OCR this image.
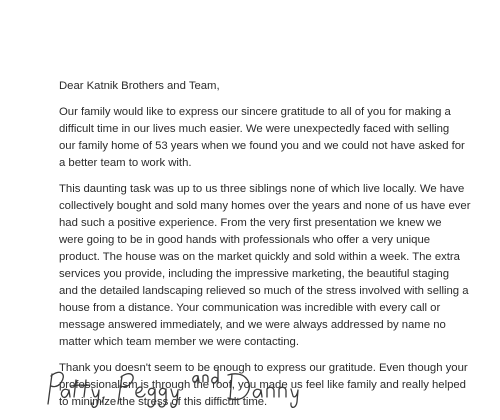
Dear Katnik Brothers and Team,
Our family would like to express our sincere gratitude to all of you for making a
difficult time in our lives much easier. We were unexpectedly faced with selling
our family home of 53 years when we found you and we could not have asked for
a better team to work with.
This daunting task was up to us three siblings none of which live locally. We have
collectively bought and sold many homes over the years and none of us have ever
had such a positive experience. From the very first presentation we knew we
were going to be in good hands with professionals who offer a very unique
product. The house was on the market quickly and sold within a week. The extra
services you provide, including the impressive marketing, the beautiful staging
and the detailed landscaping relieved so much of the stress involved with selling a
house from a distance. Your communication was incredible with every call or
message answered immediately, and we were always addressed by name no
matter which team member we were contacting.
Thank you doesn't seem to be enough to express our gratitude. Even though your
professionalism is through the roof, you made us feel like family and really helped
to minimize the stress of this difficult time.
